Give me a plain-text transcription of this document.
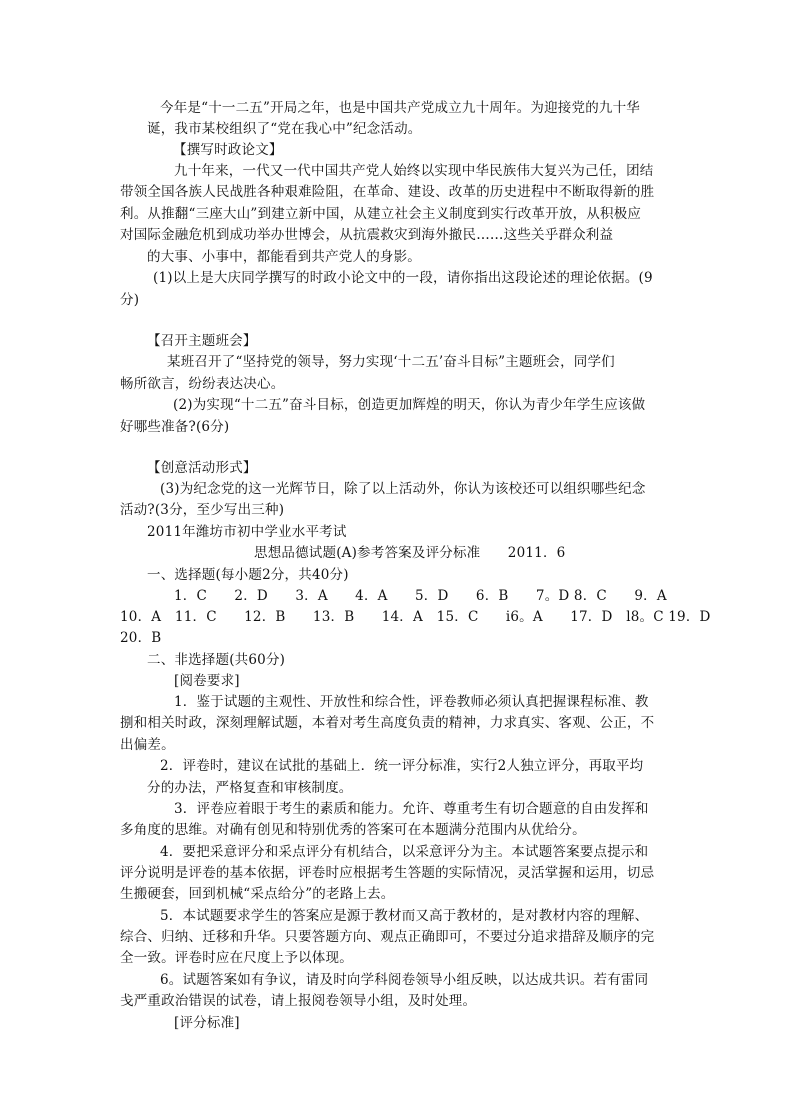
今年是“十一二五”开局之年，也是中国共产党成立九十周年。为迎接党的九十华
诞，我市某校组织了“党在我心中”纪念活动。
【撰写时政论文】
九十年来，一代又一代中国共产党人始终以实现中华民族伟大复兴为己任，团结
带领全国各族人民战胜各种艰难险阻，在革命、建设、改革的历史进程中不断取得新的胜
利。从推翻“三座大山”到建立新中国，从建立社会主义制度到实行改革开放，从积极应
对国际金融危机到成功举办世博会，从抗震救灾到海外撤民……这些关乎群众利益
的大事、小事中，都能看到共产党人的身影。
(1)以上是大庆同学撰写的时政小论文中的一段，请你指出这段论述的理论依据。(9
分)
【召开主题班会】
某班召开了“坚持党的领导，努力实现‘十二五’奋斗目标”主题班会，同学们
畅所欲言，纷纷表达决心。
(2)为实现“十二五”奋斗目标，创造更加辉煌的明天，你认为青少年学生应该做
好哪些准备?(6分)
【创意活动形式】
(3)为纪念党的这一光辉节日，除了以上活动外，你认为该校还可以组织哪些纪念
活动?(3分，至少写出三种)
2011年潍坊市初中学业水平考试
思想品德试题(A)参考答案及评分标准　　2011．6
一、选择题(每小题2分，共40分)
1．C　　2．D　　3．A　　4．A　　5．D　　6．B　　7。D 8．C　　9．A
10．A　11．C　　12．B　　13．B　　14．A　15．C　　i6。A　　17．D　l8。C 19．D
20．B
二、非选择题(共60分)
[阅卷要求]
1．鉴于试题的主观性、开放性和综合性，评卷教师必须认真把握课程标准、教
捌和相关时政，深刻理解试题，本着对考生高度负责的精神，力求真实、客观、公正，不
出偏差。
2．评卷时，建议在试批的基础上．统一评分标准，实行2人独立评分，再取平均
分的办法，严格复查和审核制度。
3．评卷应着眼于考生的素质和能力。允许、尊重考生有切合题意的自由发挥和
多角度的思维。对确有创见和特别优秀的答案可在本题满分范围内从优给分。
4．要把采意评分和采点评分有机结合，以采意评分为主。本试题答案要点提示和
评分说明是评卷的基本依据，评卷时应根据考生答题的实际情况，灵活掌握和运用，切忌
生搬硬套，回到机械“采点给分”的老路上去。
5．本试题要求学生的答案应是源于教材而又高于教材的，是对教材内容的理解、
综合、归纳、迁移和升华。只要答题方向、观点正确即可，不要过分追求措辞及顺序的完
全一致。评卷时应在尺度上予以体现。
6。试题答案如有争议，请及时向学科阅卷领导小组反映，以达成共识。若有雷同
戋严重政治错误的试卷，请上报阅卷领导小组，及时处理。
[评分标准]
